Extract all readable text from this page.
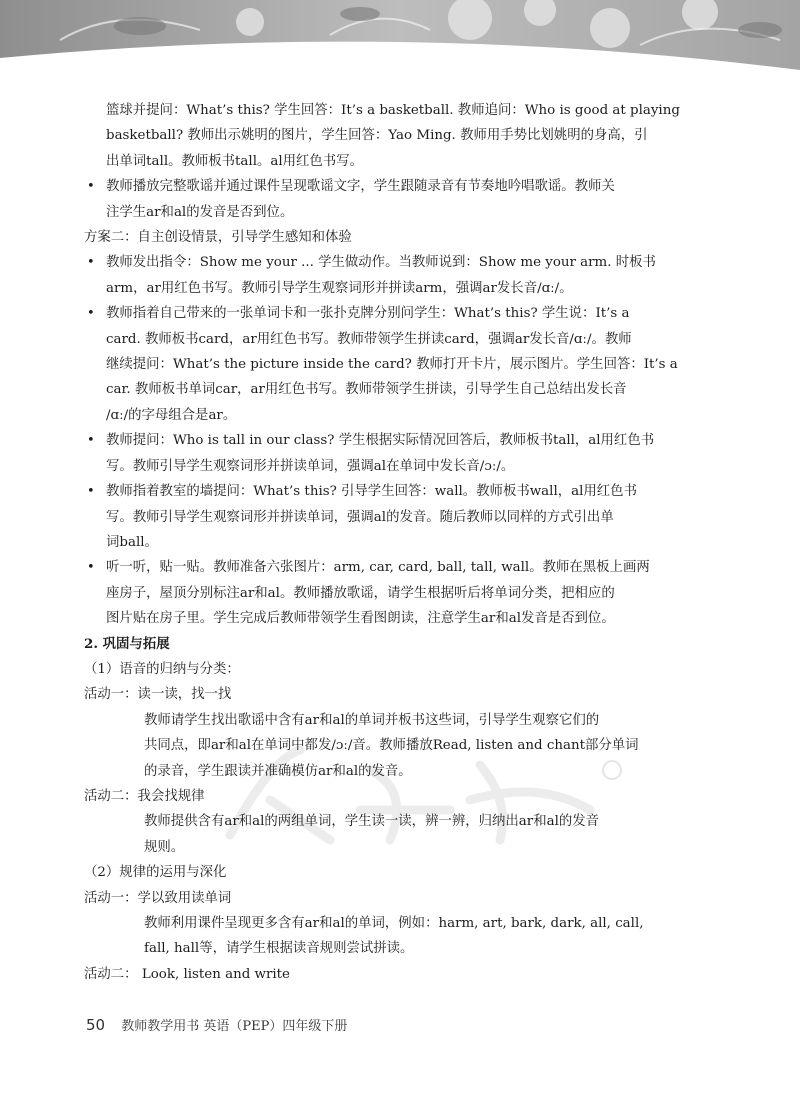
篮球并提问：What’s this? 学生回答：It’s a basketball. 教师追问：Who is good at playing

basketball? 教师出示姚明的图片，学生回答：Yao Ming. 教师用手势比划姚明的身高，引

出单词tall。教师板书tall。al用红色书写。

• 教师播放完整歌谣并通过课件呈现歌谣文字，学生跟随录音有节奏地吟唱歌谣。教师关

注学生ar和al的发音是否到位。

方案二：自主创设情景，引导学生感知和体验

• 教师发出指令：Show me your ... 学生做动作。当教师说到：Show me your arm. 时板书

arm，ar用红色书写。教师引导学生观察词形并拼读arm，强调ar发长音/ɑː/。

• 教师指着自己带来的一张单词卡和一张扑克牌分别问学生：What’s this? 学生说：It’s a

card. 教师板书card，ar用红色书写。教师带领学生拼读card，强调ar发长音/ɑː/。教师

继续提问：What’s the picture inside the card? 教师打开卡片，展示图片。学生回答：It’s a

car. 教师板书单词car，ar用红色书写。教师带领学生拼读，引导学生自己总结出发长音

/ɑː/的字母组合是ar。

• 教师提问：Who is tall in our class? 学生根据实际情况回答后，教师板书tall，al用红色书

写。教师引导学生观察词形并拼读单词，强调al在单词中发长音/ɔː/。

• 教师指着教室的墙提问：What’s this? 引导学生回答：wall。教师板书wall，al用红色书

写。教师引导学生观察词形并拼读单词，强调al的发音。随后教师以同样的方式引出单

词ball。

• 听一听，贴一贴。教师准备六张图片：arm, car, card, ball, tall, wall。教师在黑板上画两

座房子，屋顶分别标注ar和al。教师播放歌谣，请学生根据听后将单词分类，把相应的

图片贴在房子里。学生完成后教师带领学生看图朗读，注意学生ar和al发音是否到位。

2. 巩固与拓展

（1）语音的归纳与分类：

活动一：读一读，找一找

教师请学生找出歌谣中含有ar和al的单词并板书这些词，引导学生观察它们的

共同点，即ar和al在单词中都发/ɔː/音。教师播放Read, listen and chant部分单词

的录音，学生跟读并准确模仿ar和al的发音。

活动二：我会找规律

教师提供含有ar和al的两组单词，学生读一读，辨一辨，归纳出ar和al的发音

规则。

（2）规律的运用与深化

活动一：学以致用读单词

教师利用课件呈现更多含有ar和al的单词，例如：harm, art, bark, dark, all, call,

fall, hall等，请学生根据读音规则尝试拼读。

活动二： Look, listen and write

50 教师教学用书 英语（PEP）四年级下册
